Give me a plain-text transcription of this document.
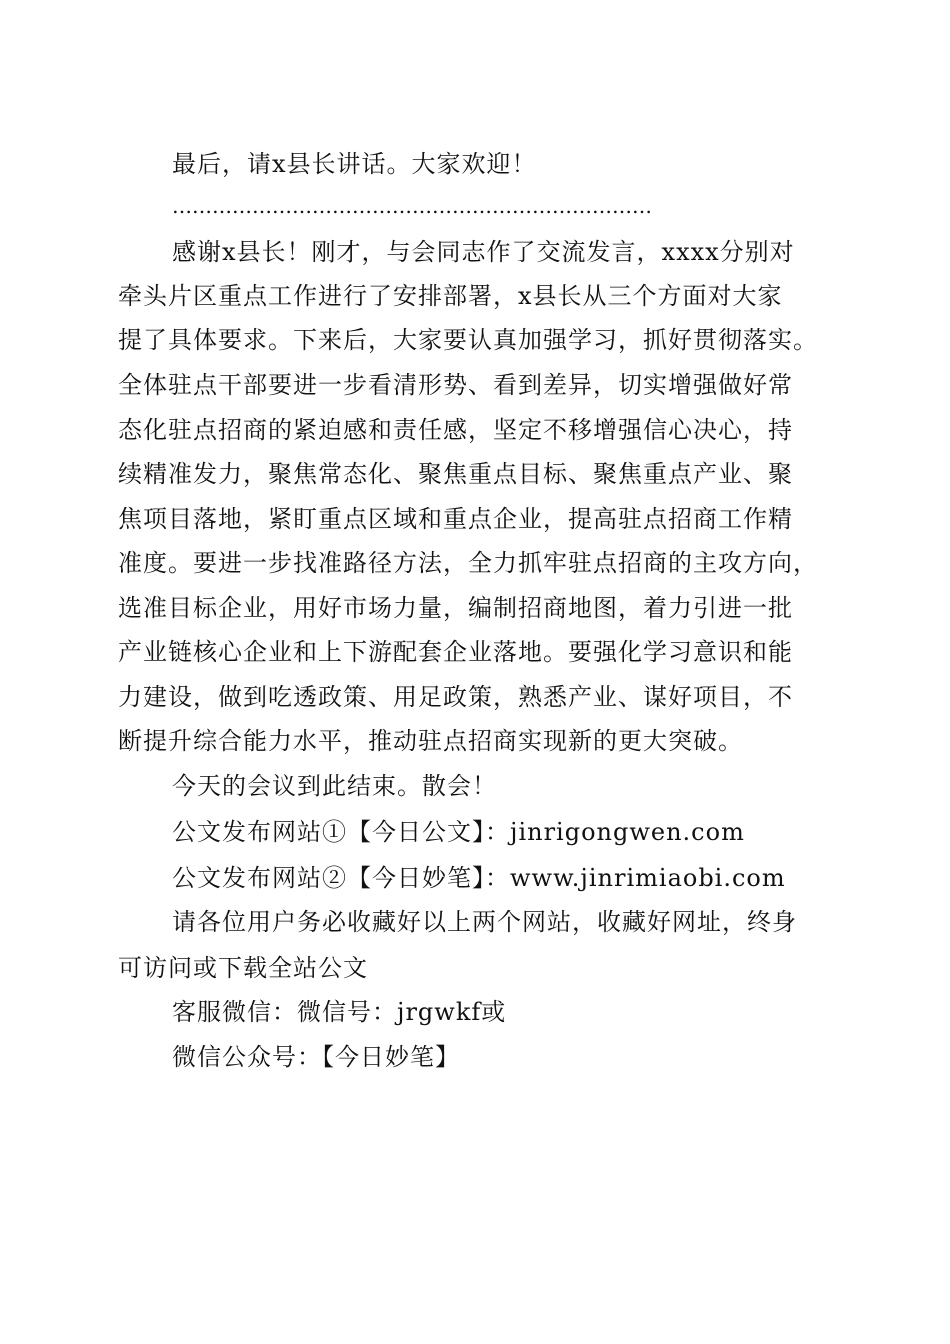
最后，请x县长讲话。大家欢迎！
………………………………………………………………
感谢x县长！刚才，与会同志作了交流发言，xxxx分别对
牵头片区重点工作进行了安排部署，x县长从三个方面对大家
提了具体要求。下来后，大家要认真加强学习，抓好贯彻落实。
全体驻点干部要进一步看清形势、看到差异，切实增强做好常
态化驻点招商的紧迫感和责任感，坚定不移增强信心决心，持
续精准发力，聚焦常态化、聚焦重点目标、聚焦重点产业、聚
焦项目落地，紧盯重点区域和重点企业，提高驻点招商工作精
准度。要进一步找准路径方法，全力抓牢驻点招商的主攻方向，
选准目标企业，用好市场力量，编制招商地图，着力引进一批
产业链核心企业和上下游配套企业落地。要强化学习意识和能
力建设，做到吃透政策、用足政策，熟悉产业、谋好项目，不
断提升综合能力水平，推动驻点招商实现新的更大突破。
今天的会议到此结束。散会！
公文发布网站①【今日公文】：jinrigongwen.com
公文发布网站②【今日妙笔】：www.jinrimiaobi.com
请各位用户务必收藏好以上两个网站，收藏好网址，终身
可访问或下载全站公文
客服微信：微信号：jrgwkf或
微信公众号：【今日妙笔】
